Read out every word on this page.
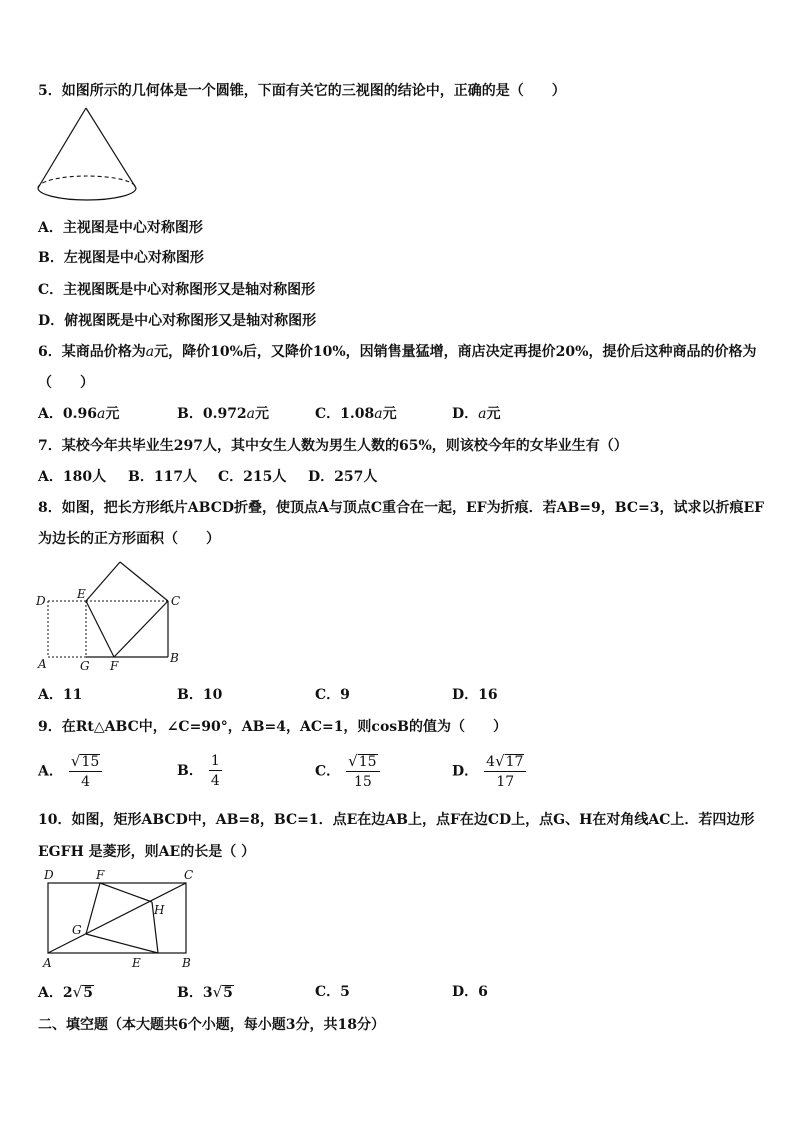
5．如图所示的几何体是一个圆锥，下面有关它的三视图的结论中，正确的是（　　）
A．主视图是中心对称图形
B．左视图是中心对称图形
C．主视图既是中心对称图形又是轴对称图形
D．俯视图既是中心对称图形又是轴对称图形
6．某商品价格为a元，降价10%后，又降价10%，因销售量猛增，商店决定再提价20%，提价后这种商品的价格为
（　　）
A．0.96a元	B．0.972a元	C．1.08a元	D．a元
7．某校今年共毕业生297人，其中女生人数为男生人数的65%，则该校今年的女毕业生有（）
A．180人 B．117人 C．215人 D．257人
8．如图，把长方形纸片ABCD折叠，使顶点A与顶点C重合在一起，EF为折痕．若AB=9，BC=3，试求以折痕EF
为边长的正方形面积（　　）
D	E	C
A	G F
B
A．11	B．10	C．9	D．16
9．在Rt△ABC中，∠C=90°，AB=4，AC=1，则cosB的值为（　　）
A． $\frac{√15}{4}$	B． $\frac{1}{4}$	C． $\frac{√15}{15}$	D． $\frac{4√17}{17}$
10．如图，矩形ABCD中，AB=8，BC=1．点E在边AB上，点F在边CD上，点G、H在对角线AC上．若四边形
EGFH 是菱形，则AE的长是（ ）
D	F	C
H
G
A	E	B
A．2√5	B．3√5	C．5	D．6
二、填空题（本大题共6个小题，每小题3分，共18分）
